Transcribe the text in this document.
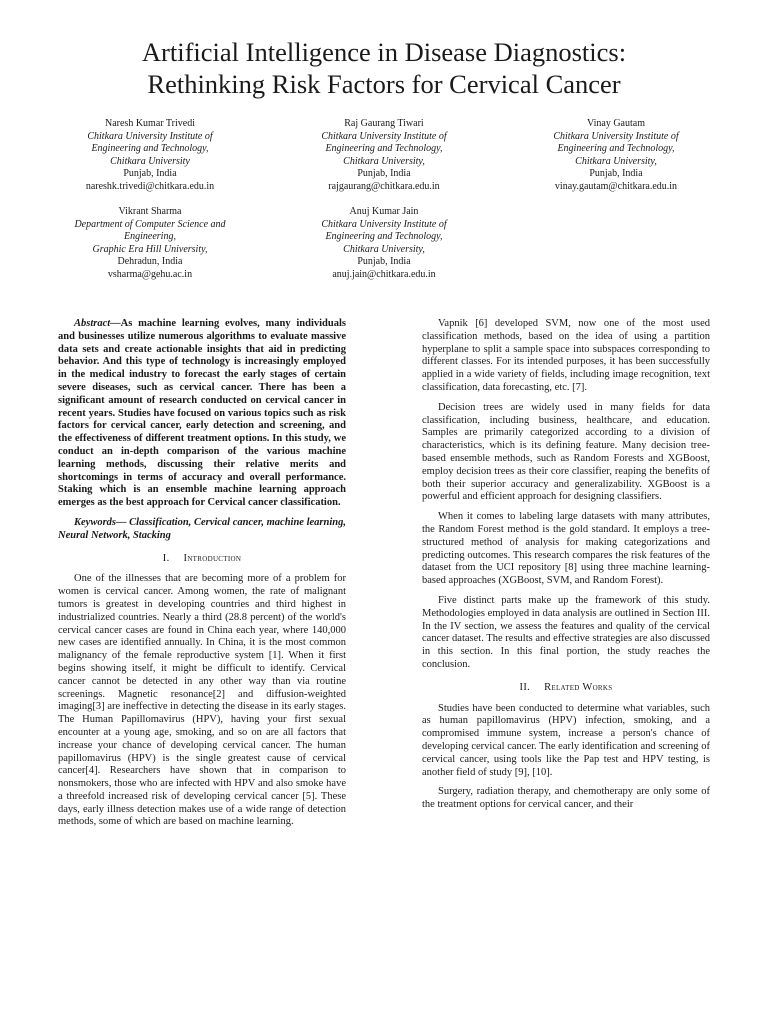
Artificial Intelligence in Disease Diagnostics:
Rethinking Risk Factors for Cervical Cancer
Naresh Kumar Trivedi
Chitkara University Institute of
Engineering and Technology,
Chitkara University
Punjab, India
nareshk.trivedi@chitkara.edu.in
Raj Gaurang Tiwari
Chitkara University Institute of
Engineering and Technology,
Chitkara University,
Punjab, India
rajgaurang@chitkara.edu.in
Vinay Gautam
Chitkara University Institute of
Engineering and Technology,
Chitkara University,
Punjab, India
vinay.gautam@chitkara.edu.in
Vikrant Sharma
Department of Computer Science and
Engineering,
Graphic Era Hill University,
Dehradun, India
vsharma@gehu.ac.in
Anuj Kumar Jain
Chitkara University Institute of
Engineering and Technology,
Chitkara University,
Punjab, India
anuj.jain@chitkara.edu.in

Abstract—As machine learning evolves, many individuals and businesses utilize numerous algorithms to evaluate massive data sets and create actionable insights that aid in predicting behavior. And this type of technology is increasingly employed in the medical industry to forecast the early stages of certain severe diseases, such as cervical cancer. There has been a significant amount of research conducted on cervical cancer in recent years. Studies have focused on various topics such as risk factors for cervical cancer, early detection and screening, and the effectiveness of different treatment options. In this study, we conduct an in-depth comparison of the various machine learning methods, discussing their relative merits and shortcomings in terms of accuracy and overall performance. Staking which is an ensemble machine learning approach emerges as the best approach for Cervical cancer classification.

Keywords— Classification, Cervical cancer, machine learning, Neural Network, Stacking

I. Introduction

One of the illnesses that are becoming more of a problem for women is cervical cancer. Among women, the rate of malignant tumors is greatest in developing countries and third highest in industrialized countries. Nearly a third (28.8 percent) of the world's cervical cancer cases are found in China each year, where 140,000 new cases are identified annually. In China, it is the most common malignancy of the female reproductive system [1]. When it first begins showing itself, it might be difficult to identify. Cervical cancer cannot be detected in any other way than via routine screenings. Magnetic resonance[2] and diffusion-weighted imaging[3] are ineffective in detecting the disease in its early stages. The Human Papillomavirus (HPV), having your first sexual encounter at a young age, smoking, and so on are all factors that increase your chance of developing cervical cancer. The human papillomavirus (HPV) is the single greatest cause of cervical cancer[4]. Researchers have shown that in comparison to nonsmokers, those who are infected with HPV and also smoke have a threefold increased risk of developing cervical cancer [5]. These days, early illness detection makes use of a wide range of detection methods, some of which are based on machine learning.

Vapnik [6] developed SVM, now one of the most used classification methods, based on the idea of using a partition hyperplane to split a sample space into subspaces corresponding to different classes. For its intended purposes, it has been successfully applied in a wide variety of fields, including image recognition, text classification, data forecasting, etc. [7].

Decision trees are widely used in many fields for data classification, including business, healthcare, and education. Samples are primarily categorized according to a division of characteristics, which is its defining feature. Many decision tree-based ensemble methods, such as Random Forests and XGBoost, employ decision trees as their core classifier, reaping the benefits of both their superior accuracy and generalizability. XGBoost is a powerful and efficient approach for designing classifiers.

When it comes to labeling large datasets with many attributes, the Random Forest method is the gold standard. It employs a tree-structured method of analysis for making categorizations and predicting outcomes. This research compares the risk features of the dataset from the UCI repository [8] using three machine learning-based approaches (XGBoost, SVM, and Random Forest).

Five distinct parts make up the framework of this study. Methodologies employed in data analysis are outlined in Section III. In the IV section, we assess the features and quality of the cervical cancer dataset. The results and effective strategies are also discussed in this section. In this final portion, the study reaches the conclusion.

II. Related Works

Studies have been conducted to determine what variables, such as human papillomavirus (HPV) infection, smoking, and a compromised immune system, increase a person's chance of developing cervical cancer. The early identification and screening of cervical cancer, using tools like the Pap test and HPV testing, is another field of study [9], [10].

Surgery, radiation therapy, and chemotherapy are only some of the treatment options for cervical cancer, and their
